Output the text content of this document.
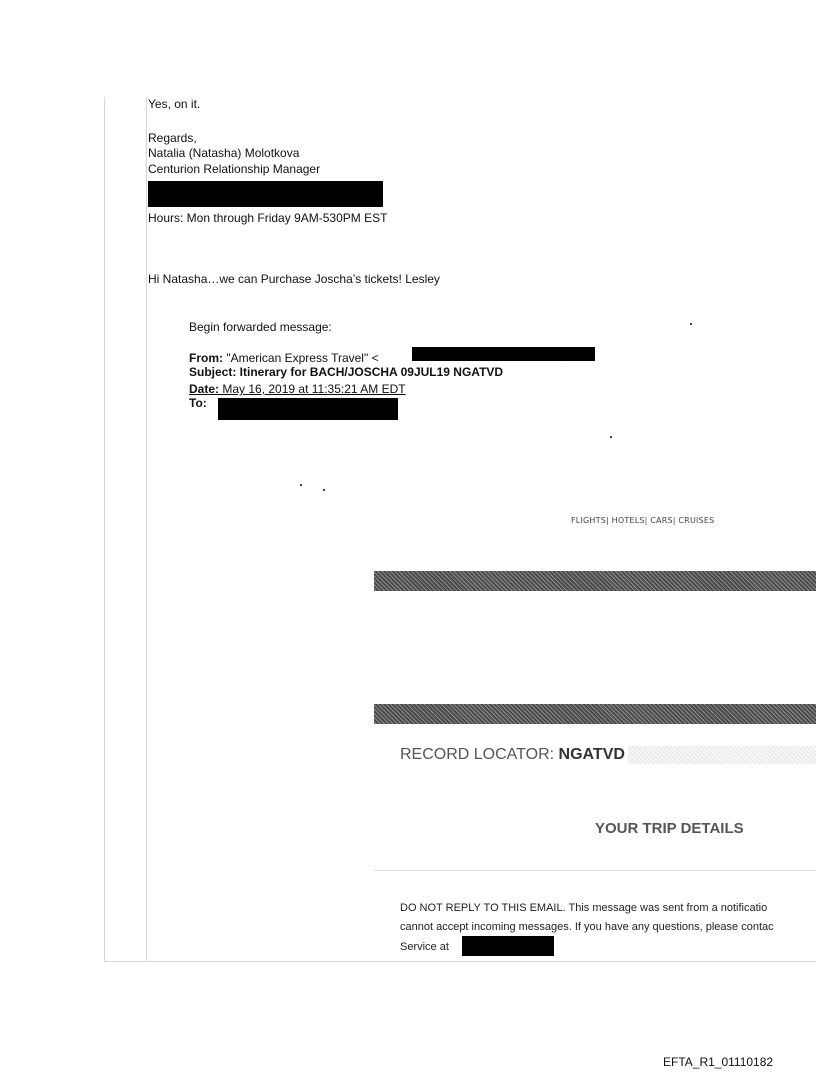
Yes, on it.
Regards,
Natalia (Natasha) Molotkova
Centurion Relationship Manager
Hours: Mon through Friday 9AM-530PM EST
Hi Natasha…we can Purchase Joscha’s tickets! Lesley
Begin forwarded message:
From: "American Express Travel" <
Subject: Itinerary for BACH/JOSCHA 09JUL19 NGATVD
Date: May 16, 2019 at 11:35:21 AM EDT
To:
FLIGHTS| HOTELS| CARS| CRUISES
RECORD LOCATOR: NGATVD
YOUR TRIP DETAILS
DO NOT REPLY TO THIS EMAIL. This message was sent from a notificatio
cannot accept incoming messages. If you have any questions, please contac
Service at
EFTA_R1_01110182
